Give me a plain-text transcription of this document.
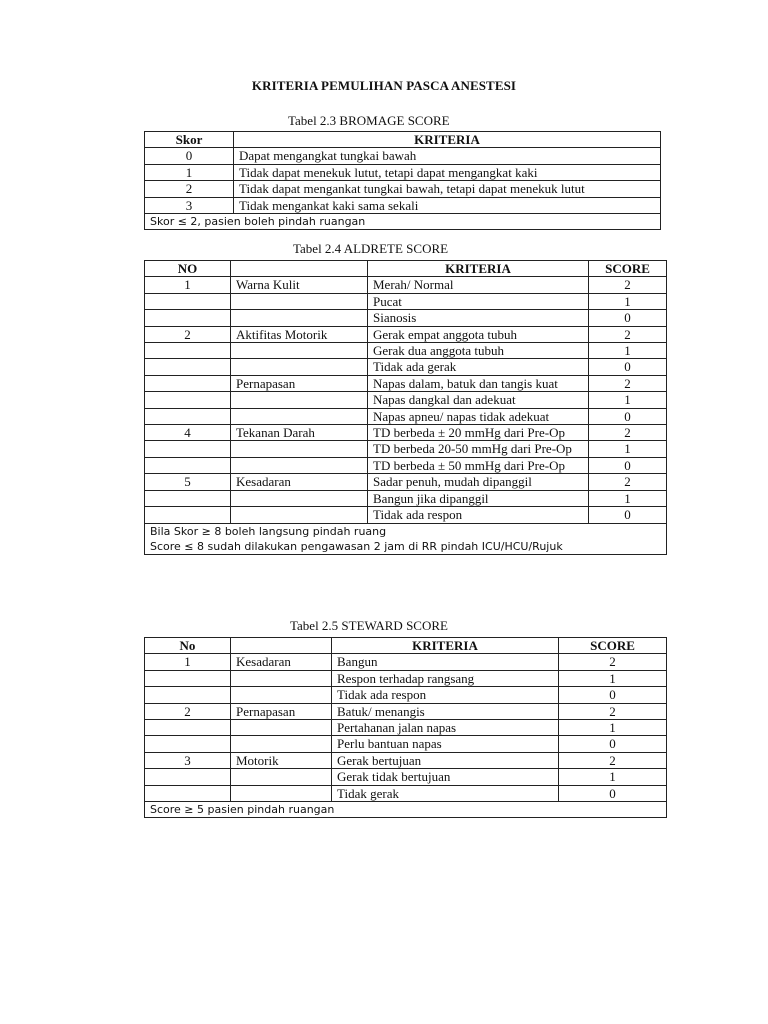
KRITERIA PEMULIHAN PASCA ANESTESI
Tabel 2.3 BROMAGE SCORE
Skor	KRITERIA
0	Dapat mengangkat tungkai bawah
1	Tidak dapat menekuk lutut, tetapi dapat mengangkat kaki
2	Tidak dapat mengankat tungkai bawah, tetapi dapat menekuk lutut
3	Tidak mengankat kaki sama sekali
Skor ≤ 2, pasien boleh pindah ruangan	
Tabel 2.4 ALDRETE SCORE
NO		KRITERIA	SCORE
1	Warna Kulit	Merah/ Normal	2
		Pucat	1
		Sianosis	0
2	Aktifitas Motorik	Gerak empat anggota tubuh	2
		Gerak dua anggota tubuh	1
		Tidak ada gerak	0
	Pernapasan	Napas dalam, batuk dan tangis kuat	2
		Napas dangkal dan adekuat	1
		Napas apneu/ napas tidak adekuat	0
4	Tekanan Darah	TD berbeda ± 20 mmHg dari Pre-Op	2
		TD berbeda 20-50 mmHg dari Pre-Op	1
		TD berbeda ± 50 mmHg dari Pre-Op	0
5	Kesadaran	Sadar penuh, mudah dipanggil	2
		Bangun jika dipanggil	1
		Tidak ada respon	0

Bila Skor ≥ 8 boleh langsung pindah ruang
Score ≤ 8 sudah dilakukan pengawasan 2 jam di RR pindah ICU/HCU/Rujuk			
Tabel 2.5 STEWARD SCORE
No		KRITERIA	SCORE
1	Kesadaran	Bangun	2
		Respon terhadap rangsang	1
		Tidak ada respon	0
2	Pernapasan	Batuk/ menangis	2
		Pertahanan jalan napas	1
		Perlu bantuan napas	0
3	Motorik	Gerak bertujuan	2
		Gerak tidak bertujuan	1
		Tidak gerak	0
Score ≥ 5 pasien pindah ruangan			
